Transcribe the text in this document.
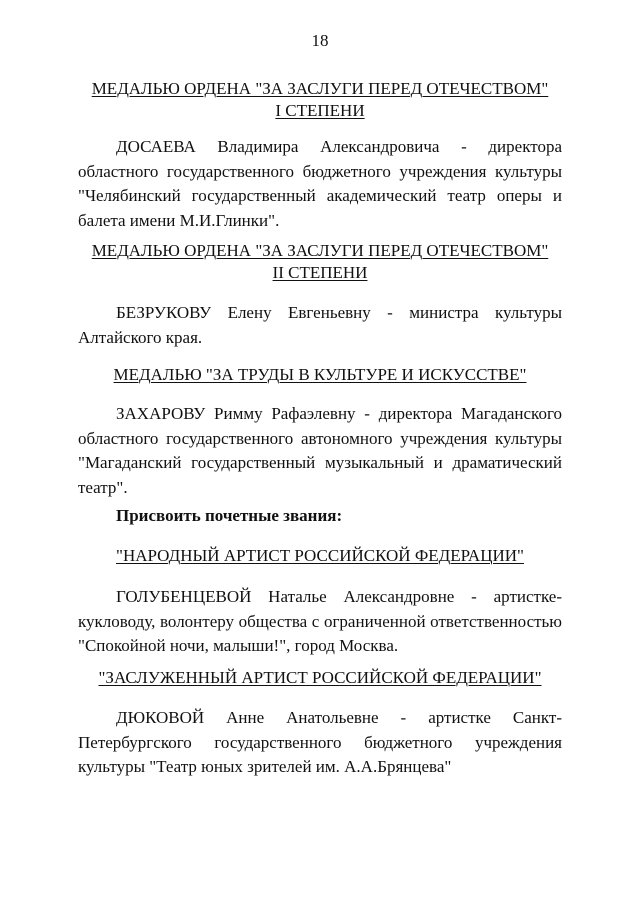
18
МЕДАЛЬЮ ОРДЕНА "ЗА ЗАСЛУГИ ПЕРЕД ОТЕЧЕСТВОМ"
I СТЕПЕНИ
ДОСАЕВА Владимира Александровича - директора областного государственного бюджетного учреждения культуры "Челябинский государственный академический театр оперы и балета имени М.И.Глинки".
МЕДАЛЬЮ ОРДЕНА "ЗА ЗАСЛУГИ ПЕРЕД ОТЕЧЕСТВОМ"
II СТЕПЕНИ
БЕЗРУКОВУ Елену Евгеньевну - министра культуры Алтайского края.
МЕДАЛЬЮ "ЗА ТРУДЫ В КУЛЬТУРЕ И ИСКУССТВЕ"
ЗАХАРОВУ Римму Рафаэлевну - директора Магаданского областного государственного автономного учреждения культуры "Магаданский государственный музыкальный и драматический театр".
Присвоить почетные звания:
"НАРОДНЫЙ АРТИСТ РОССИЙСКОЙ ФЕДЕРАЦИИ"
ГОЛУБЕНЦЕВОЙ Наталье Александровне - артистке-кукловоду, волонтеру общества с ограниченной ответственностью "Спокойной ночи, малыши!", город Москва.
"ЗАСЛУЖЕННЫЙ АРТИСТ РОССИЙСКОЙ ФЕДЕРАЦИИ"
ДЮКОВОЙ Анне Анатольевне - артистке Санкт-Петербургского государственного бюджетного учреждения культуры "Театр юных зрителей им. А.А.Брянцева"
